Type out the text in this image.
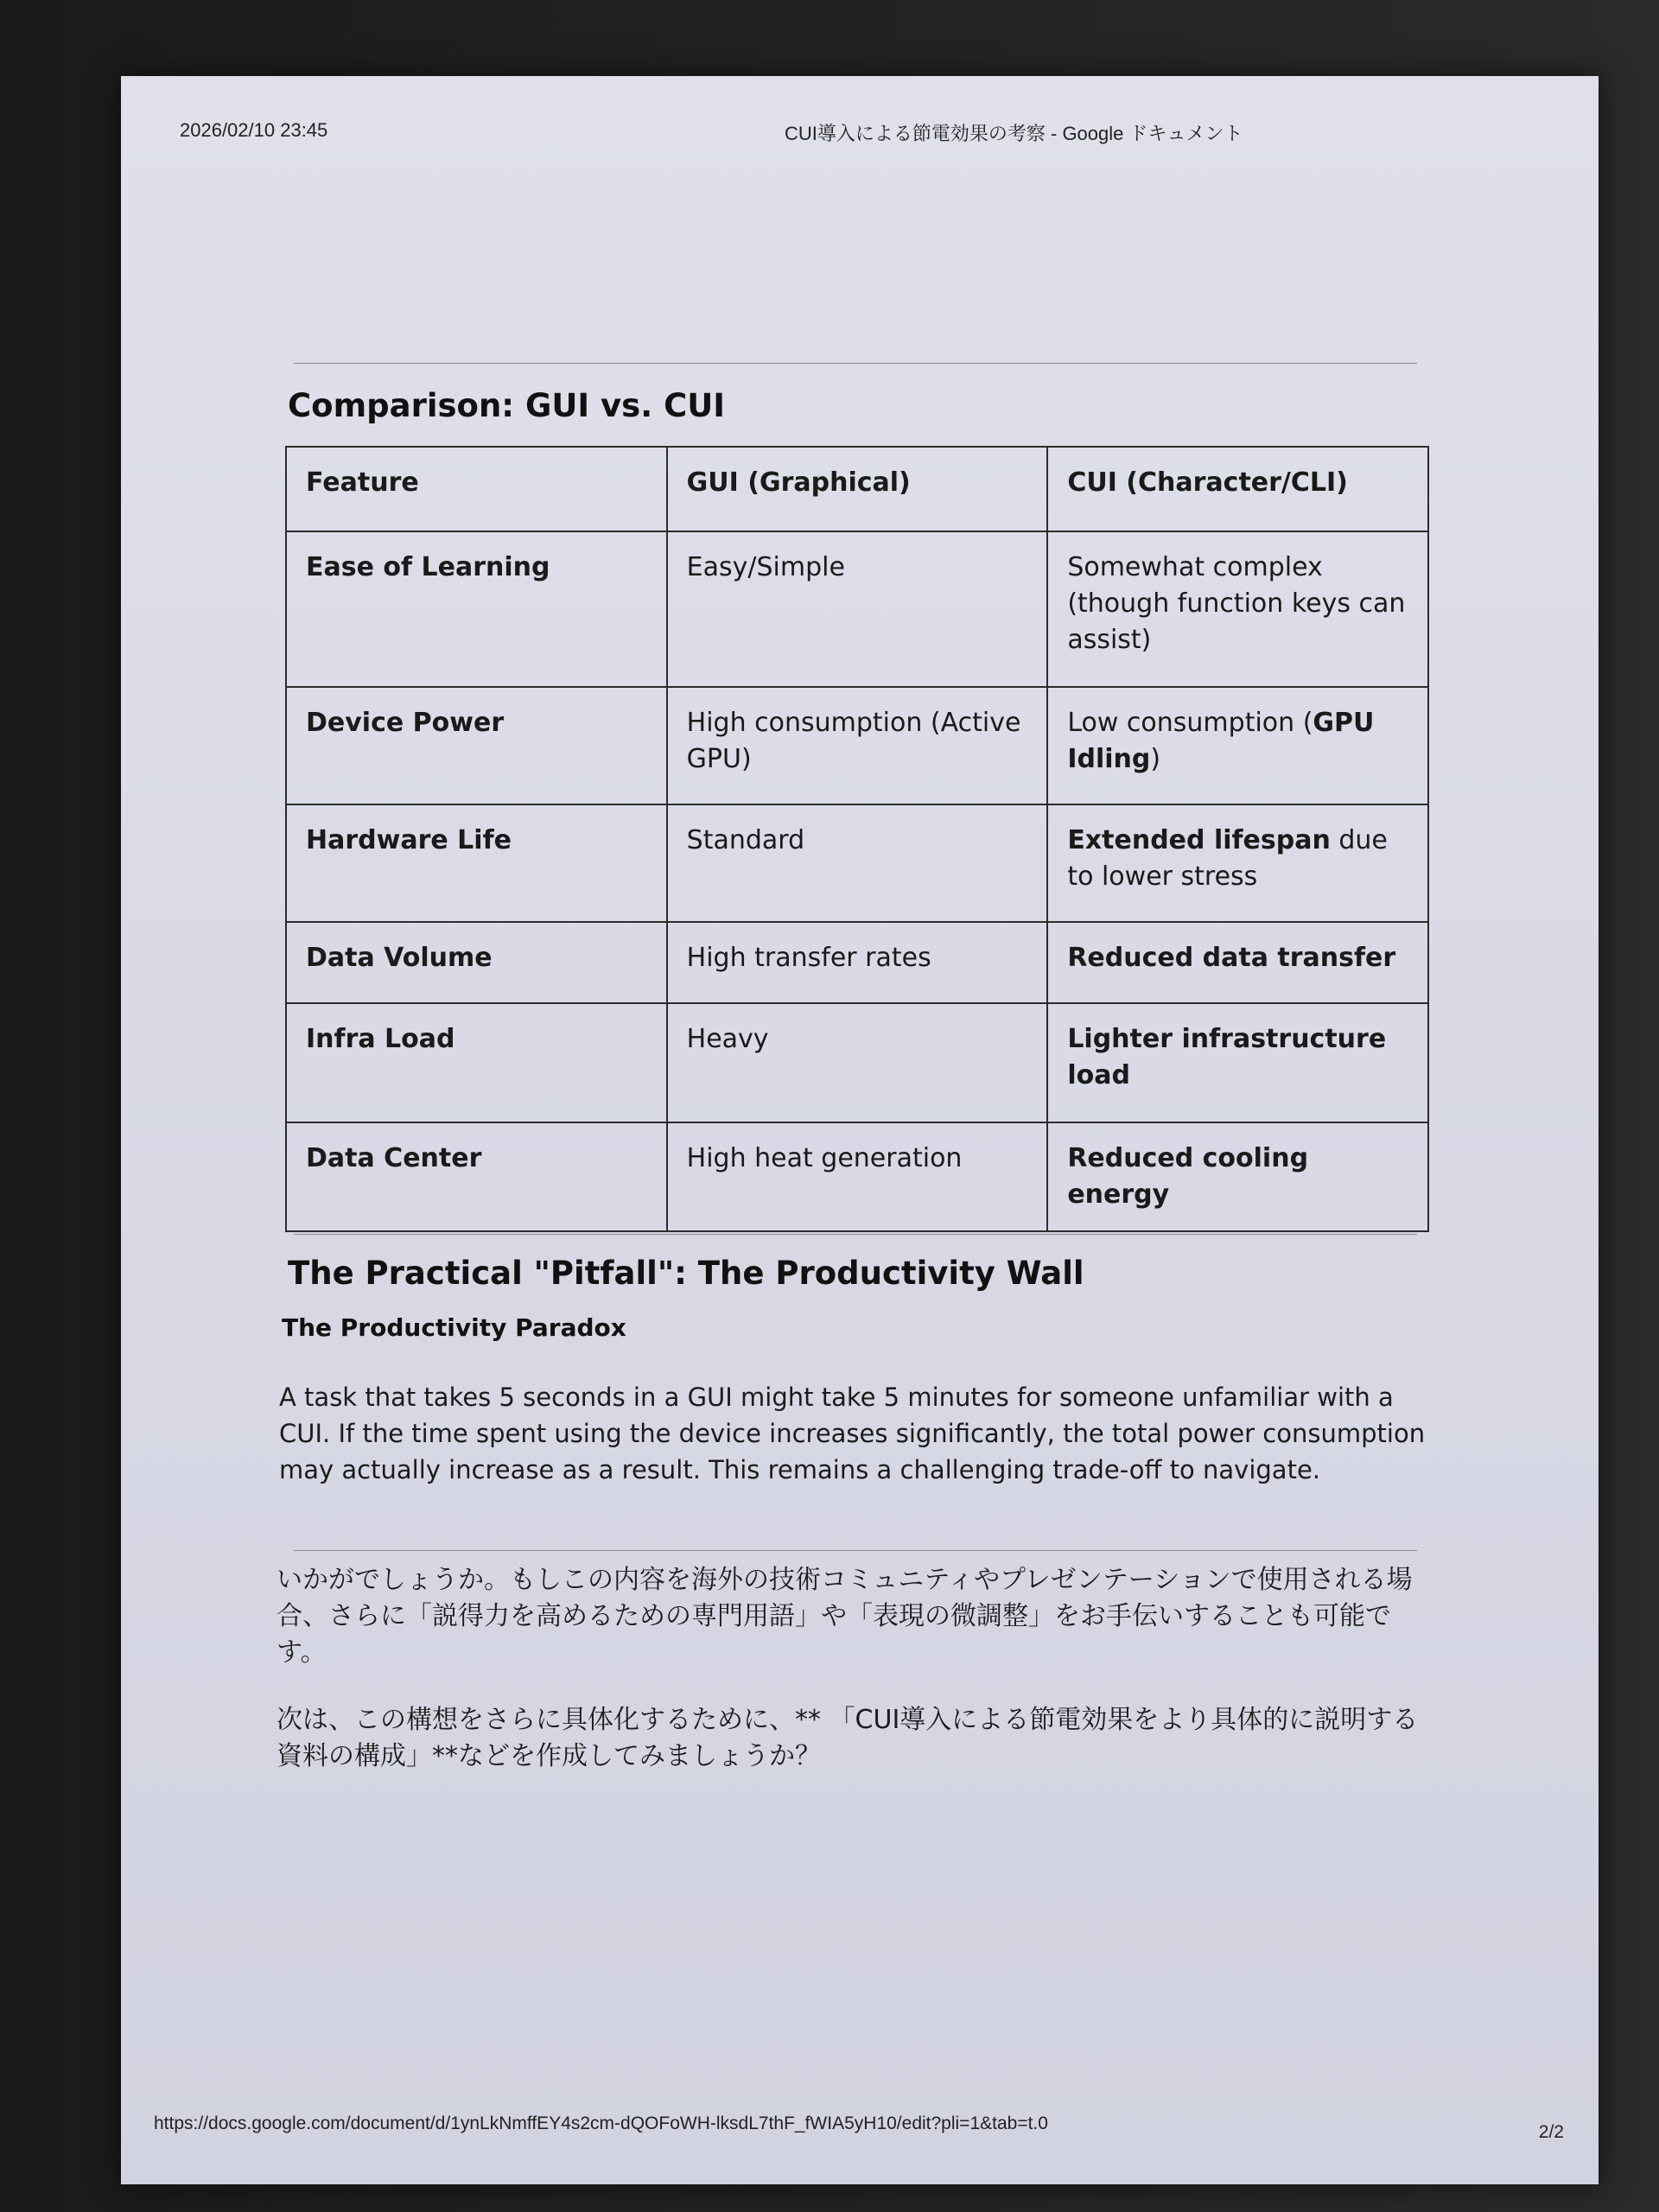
2026/02/10 23:45	CUI導入による節電効果の考察 - Google ドキュメント
Comparison: GUI vs. CUI
Feature	GUI (Graphical)	CUI (Character/CLI)
Ease of Learning	Easy/Simple	Somewhat complex (though function keys can assist)
Device Power	High consumption (Active GPU)	Low consumption (GPU Idling)
Hardware Life	Standard	Extended lifespan due to lower stress
Data Volume	High transfer rates	Reduced data transfer
Infra Load	Heavy	Lighter infrastructure load
Data Center	High heat generation	Reduced cooling energy
The Practical "Pitfall": The Productivity Wall
The Productivity Paradox

A task that takes 5 seconds in a GUI might take 5 minutes for someone unfamiliar with a CUI. If the time spent using the device increases significantly, the total power consumption may actually increase as a result. This remains a challenging trade-off to navigate.

いかがでしょうか。もしこの内容を海外の技術コミュニティやプレゼンテーションで使用される場合、さらに「説得力を高めるための専門用語」や「表現の微調整」をお手伝いすることも可能です。

次は、この構想をさらに具体化するために、** 「CUI導入による節電効果をより具体的に説明する資料の構成」**などを作成してみましょうか？

https://docs.google.com/document/d/1ynLkNmffEY4s2cm-dQOFoWH-lksdL7thF_fWIA5yH10/edit?pli=1&tab=t.0	2/2
